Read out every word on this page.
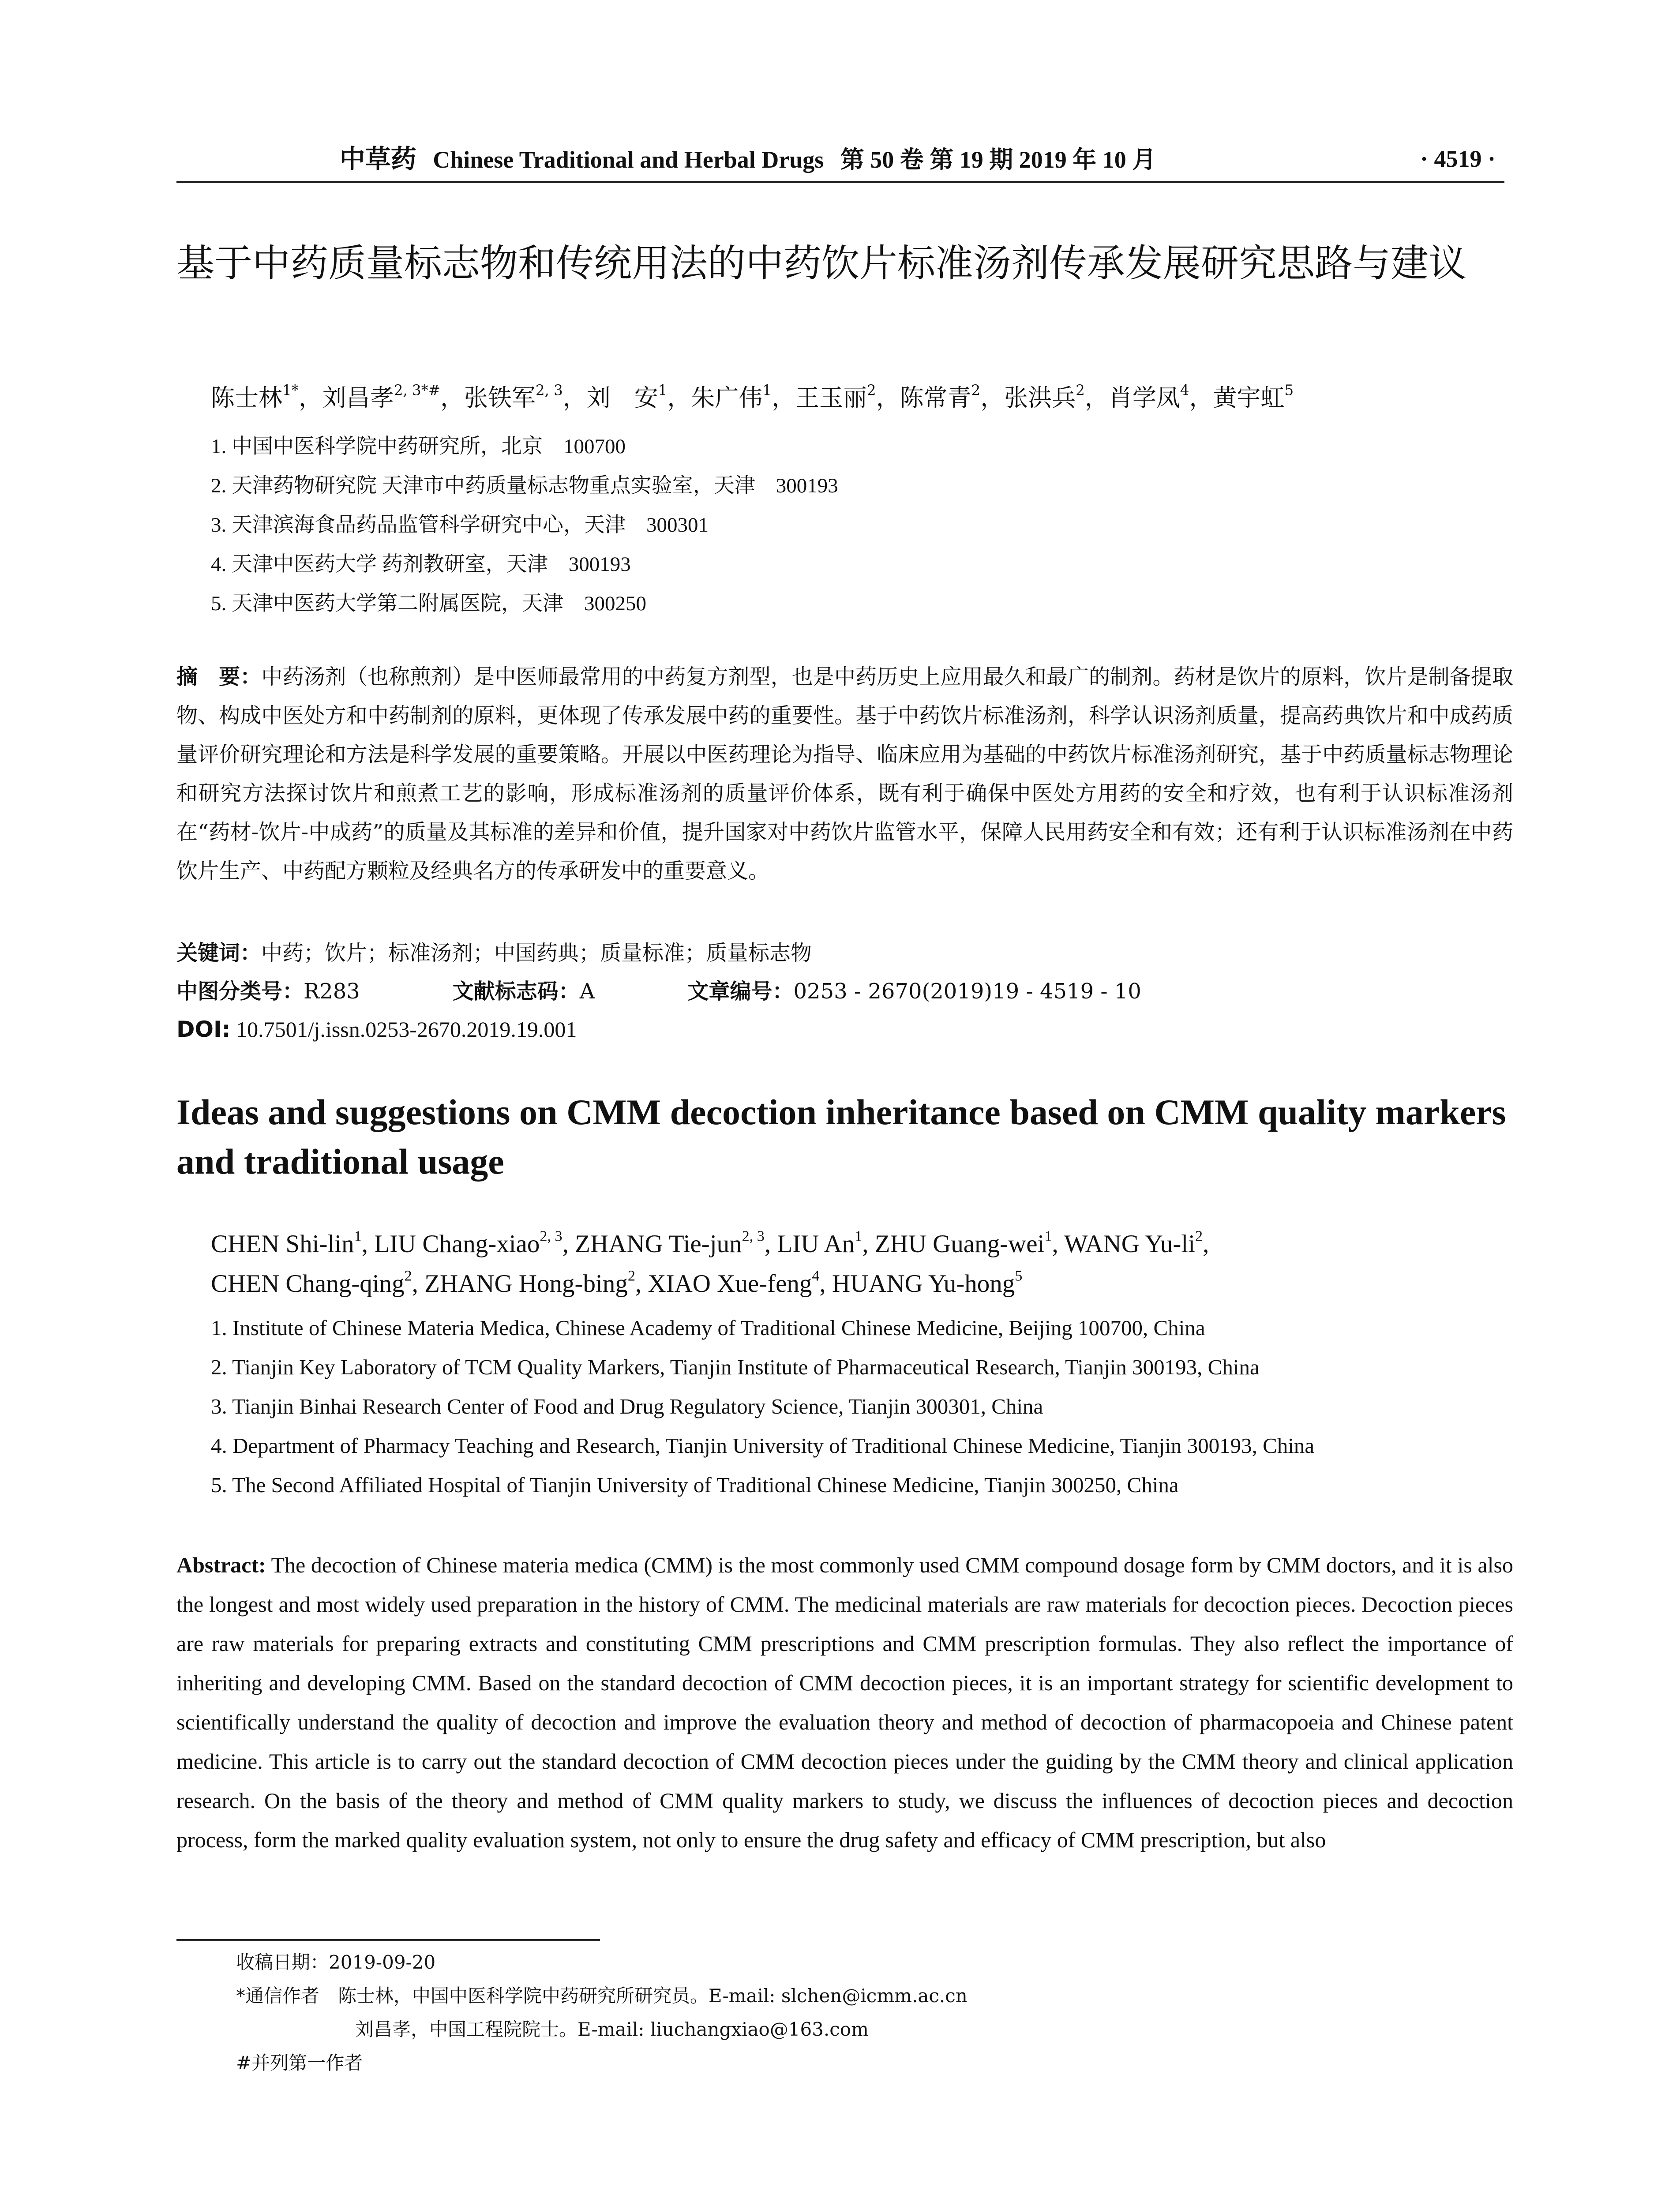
中草药 Chinese Traditional and Herbal Drugs 第 50 卷 第 19 期 2019 年 10 月	· 4519 ·
基于中药质量标志物和传统用法的中药饮片标准汤剂传承发展研究思路与建议
陈士林$^{1*}$，刘昌孝$^{2, 3*\#}$，张铁军$^{2, 3}$，刘　安$^1$，朱广伟$^1$，王玉丽$^2$，陈常青$^2$，张洪兵$^2$，肖学凤$^4$，黄宇虹$^5$
1. 中国中医科学院中药研究所，北京　100700
2. 天津药物研究院 天津市中药质量标志物重点实验室，天津　300193
3. 天津滨海食品药品监管科学研究中心，天津　300301
4. 天津中医药大学 药剂教研室，天津　300193
5. 天津中医药大学第二附属医院，天津　300250
摘　要：中药汤剂（也称煎剂）是中医师最常用的中药复方剂型，也是中药历史上应用最久和最广的制剂。药材是饮片的原料，饮片是制备提取物、构成中医处方和中药制剂的原料，更体现了传承发展中药的重要性。基于中药饮片标准汤剂，科学认识汤剂质量，提高药典饮片和中成药质量评价研究理论和方法是科学发展的重要策略。开展以中医药理论为指导、临床应用为基础的中药饮片标准汤剂研究，基于中药质量标志物理论和研究方法探讨饮片和煎煮工艺的影响，形成标准汤剂的质量评价体系，既有利于确保中医处方用药的安全和疗效，也有利于认识标准汤剂在“药材-饮片-中成药”的质量及其标准的差异和价值，提升国家对中药饮片监管水平，保障人民用药安全和有效；还有利于认识标准汤剂在中药饮片生产、中药配方颗粒及经典名方的传承研发中的重要意义。
关键词：中药；饮片；标准汤剂；中国药典；质量标准；质量标志物
中图分类号：R283	文献标志码：A	文章编号：0253 - 2670(2019)19 - 4519 - 10
DOI: 10.7501/j.issn.0253-2670.2019.19.001
Ideas and suggestions on CMM decoction inheritance based on CMM quality markers and traditional usage
CHEN Shi-lin$^1$, LIU Chang-xiao$^{2, 3}$, ZHANG Tie-jun$^{2, 3}$, LIU An$^1$, ZHU Guang-wei$^1$, WANG $Yu-li^2$,
CHEN Chang-qing$^2$, ZHANG Hong-bing$^2$, XIAO Xue-feng$^4$, HUANG Yu-hong$^5$
1. Institute of Chinese Materia Medica, Chinese Academy of Traditional Chinese Medicine, Beijing 100700, China
2. Tianjin Key Laboratory of TCM Quality Markers, Tianjin Institute of Pharmaceutical Research, Tianjin 300193, China
3. Tianjin Binhai Research Center of Food and Drug Regulatory Science, Tianjin 300301, China
4. Department of Pharmacy Teaching and Research, Tianjin University of Traditional Chinese Medicine, Tianjin 300193, China
5. The Second Affiliated Hospital of Tianjin University of Traditional Chinese Medicine, Tianjin 300250, China
Abstract: The decoction of Chinese materia medica (CMM) is the most commonly used CMM compound dosage form by CMM doctors, and it is also the longest and most widely used preparation in the history of CMM. The medicinal materials are raw materials for decoction pieces. Decoction pieces are raw materials for preparing extracts and constituting CMM prescriptions and CMM prescription formulas. They also reflect the importance of inheriting and developing CMM. Based on the standard decoction of CMM decoction pieces, it is an important strategy for scientific development to scientifically understand the quality of decoction and improve the evaluation theory and method of decoction of pharmacopoeia and Chinese patent medicine. This article is to carry out the standard decoction of CMM decoction pieces under the guiding by the CMM theory and clinical application research. On the basis of the theory and method of CMM quality markers to study, we discuss the influences of decoction pieces and decoction process, form the marked quality evaluation system, not only to ensure the drug safety and efficacy of CMM prescription, but also
收稿日期：2019-09-20
*通信作者　 陈士林，中国中医科学院中药研究所研究员。E-mail: slchen@icmm.ac.cn
刘昌孝，中国工程院院士。E-mail: liuchangxiao@163.com
#并列第一作者
